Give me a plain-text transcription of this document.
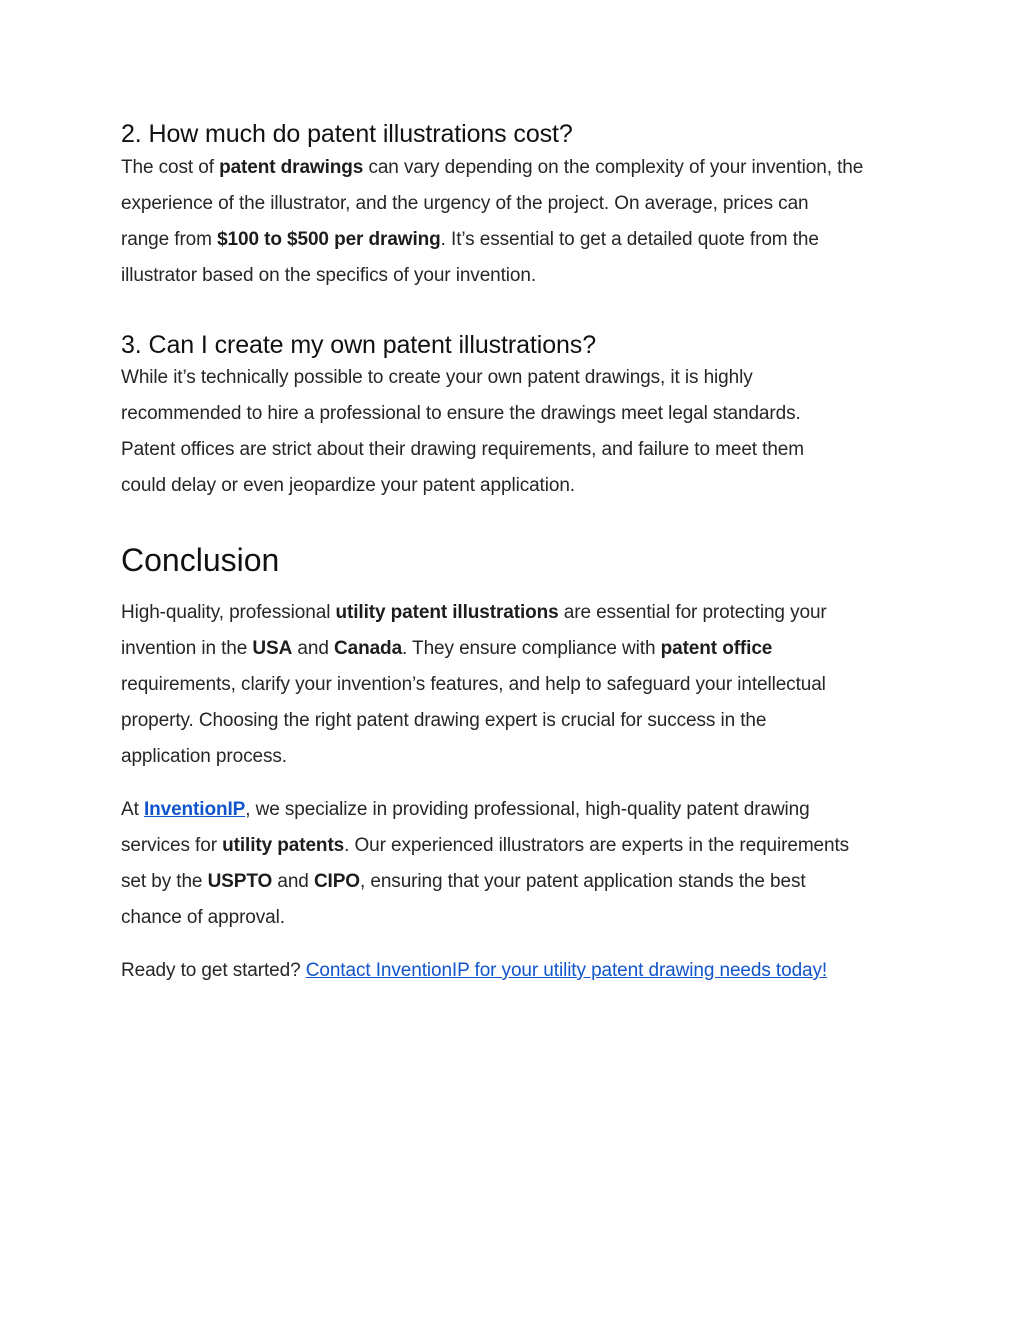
2. How much do patent illustrations cost?

The cost of patent drawings can vary depending on the complexity of your invention, the
experience of the illustrator, and the urgency of the project. On average, prices can
range from $100 to $500 per drawing. It’s essential to get a detailed quote from the
illustrator based on the specifics of your invention.

3. Can I create my own patent illustrations?

While it’s technically possible to create your own patent drawings, it is highly
recommended to hire a professional to ensure the drawings meet legal standards.
Patent offices are strict about their drawing requirements, and failure to meet them
could delay or even jeopardize your patent application.

Conclusion

High-quality, professional utility patent illustrations are essential for protecting your
invention in the USA and Canada. They ensure compliance with patent office
requirements, clarify your invention’s features, and help to safeguard your intellectual
property. Choosing the right patent drawing expert is crucial for success in the
application process.

At InventionIP, we specialize in providing professional, high-quality patent drawing
services for utility patents. Our experienced illustrators are experts in the requirements
set by the USPTO and CIPO, ensuring that your patent application stands the best
chance of approval.

Ready to get started? Contact InventionIP for your utility patent drawing needs today!
